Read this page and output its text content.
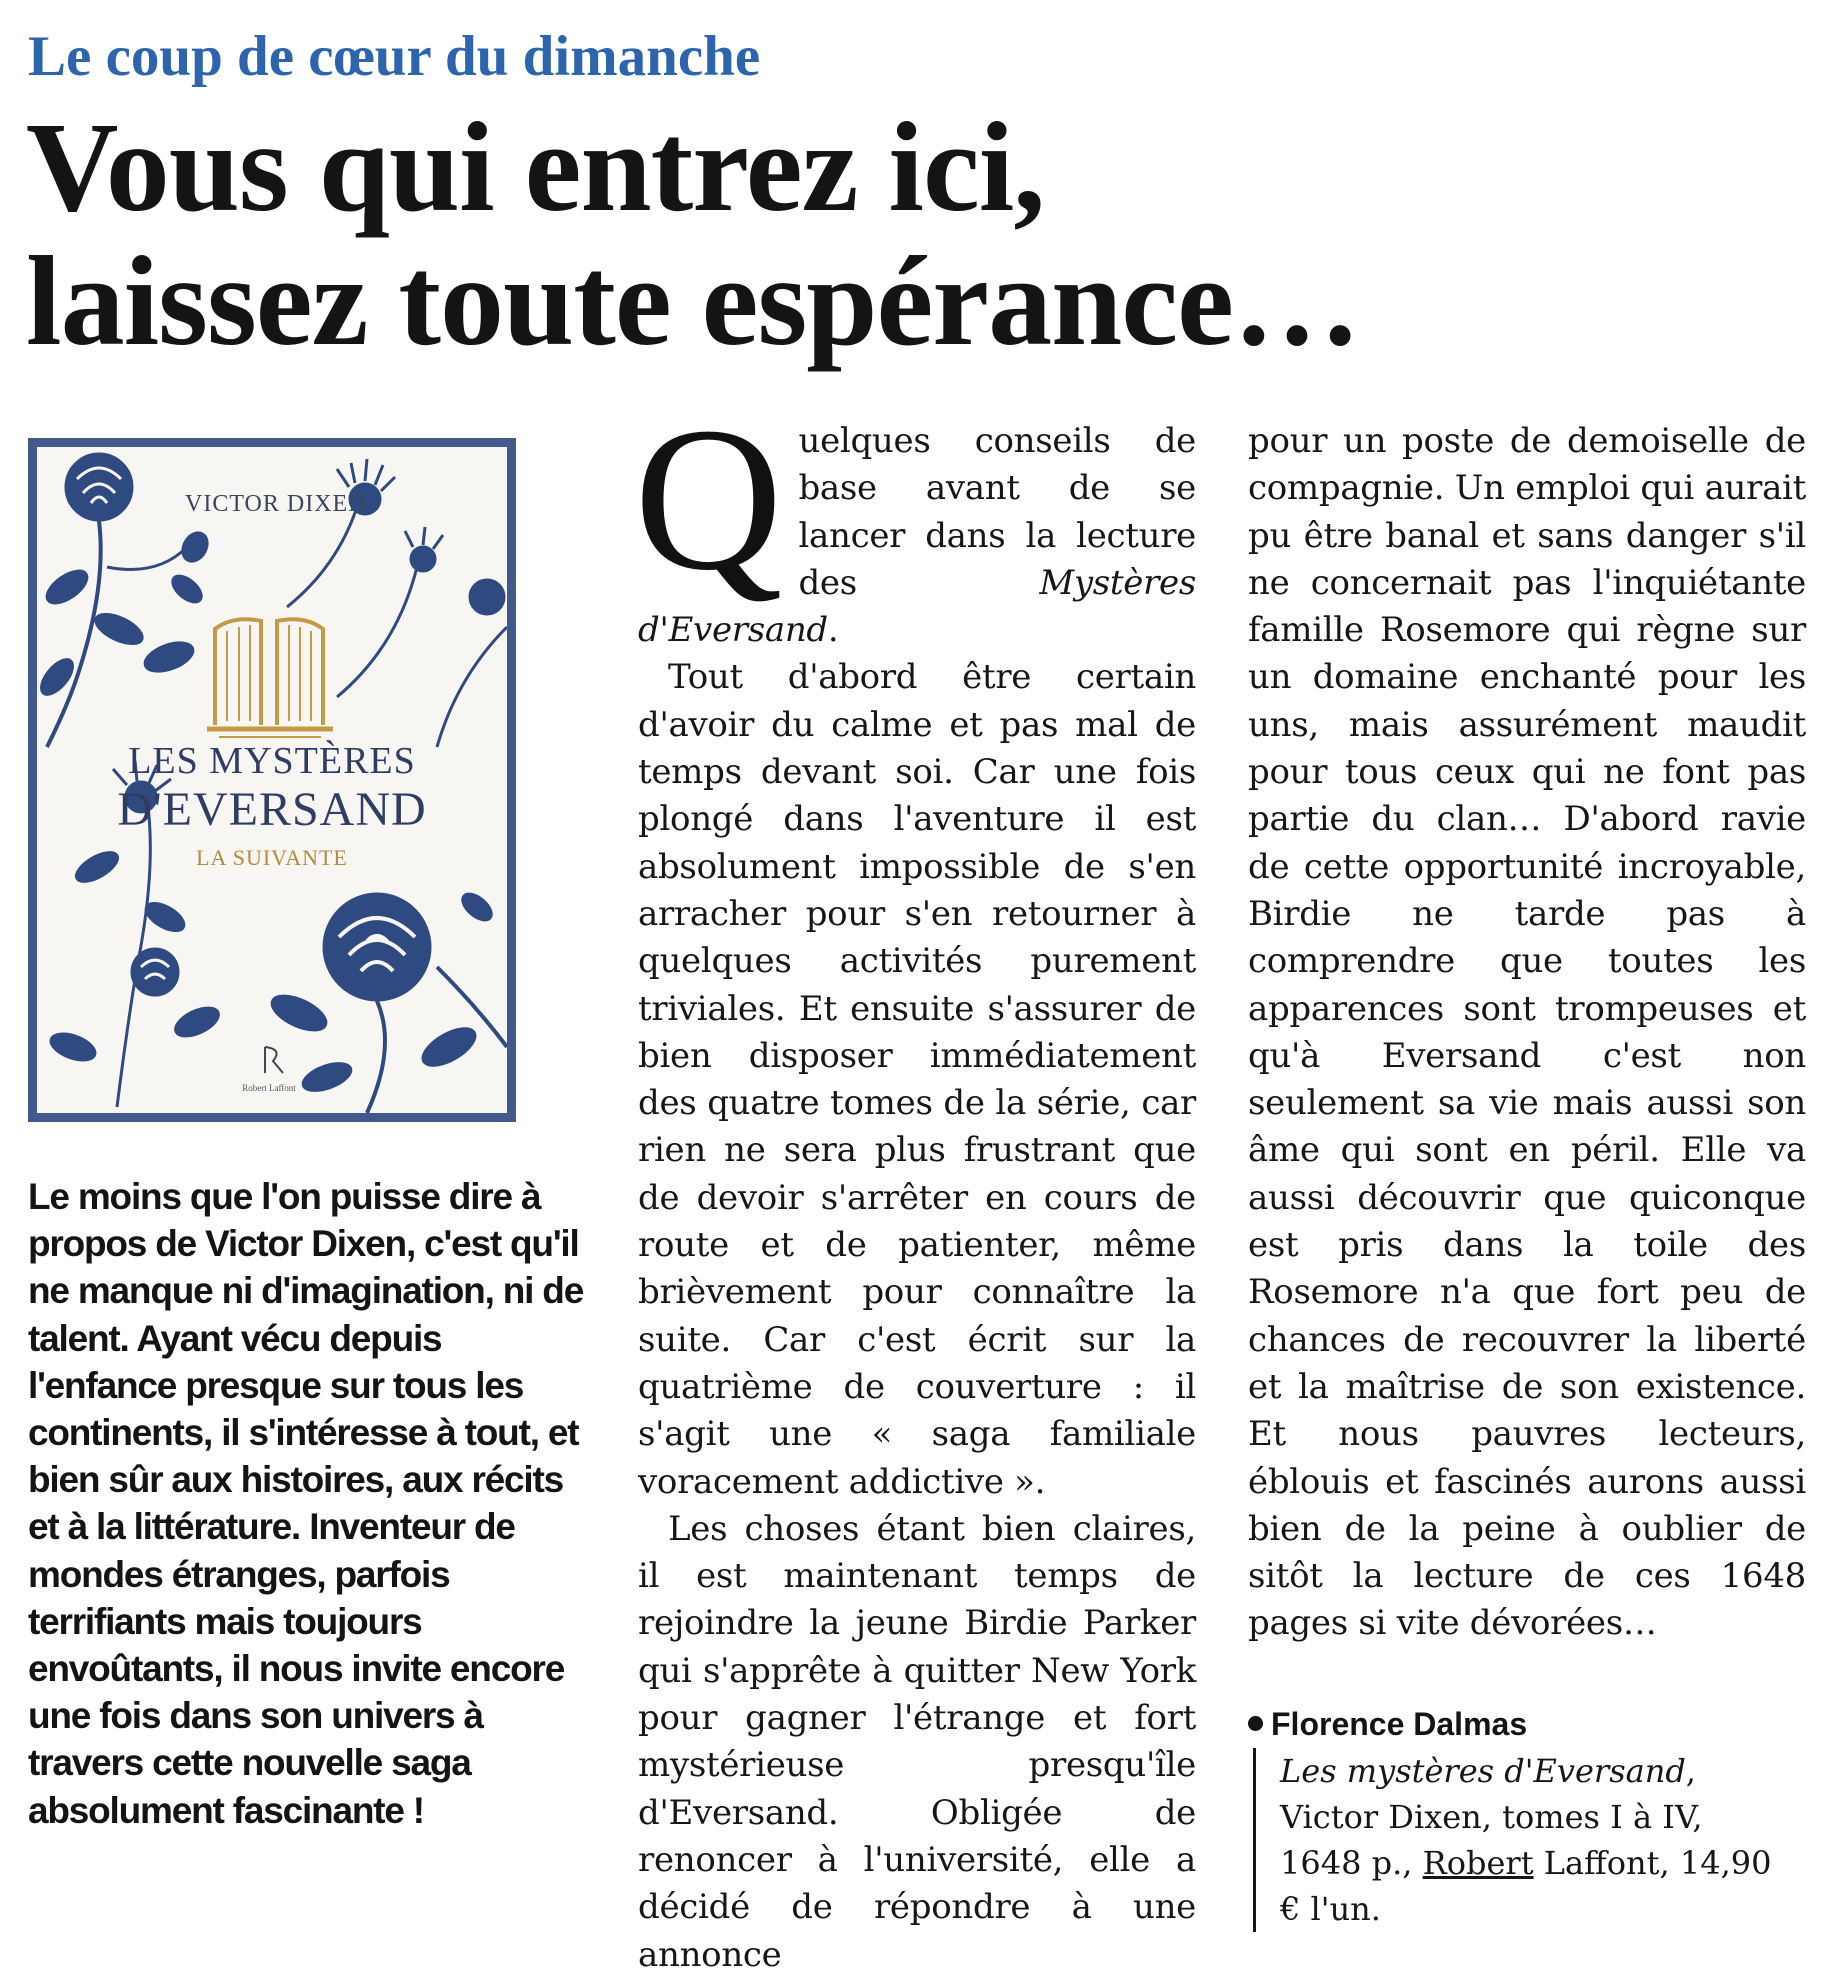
Le coup de cœur du dimanche
Vous qui entrez ici,
laissez toute espérance…

VICTOR DIXEN

LES MYSTÈRES
D'EVERSAND

LA SUIVANTE

Robert Laffont

Le moins que l'on puisse dire à propos de Victor Dixen, c'est qu'il ne manque ni d'imagination, ni de talent. Ayant vécu depuis l'enfance presque sur tous les continents, il s'intéresse à tout, et bien sûr aux histoires, aux récits et à la littérature. Inventeur de mondes étranges, parfois terrifiants mais toujours envoûtants, il nous invite encore une fois dans son univers à travers cette nouvelle saga absolument fascinante !

Quelques conseils de base avant de se lancer dans la lecture des Mystères d'Eversand.

Tout d'abord être certain d'avoir du calme et pas mal de temps devant soi. Car une fois plongé dans l'aventure il est absolument impossible de s'en arracher pour s'en retourner à quelques activités purement triviales. Et ensuite s'assurer de bien disposer immédiatement des quatre tomes de la série, car rien ne sera plus frustrant que de devoir s'arrêter en cours de route et de patienter, même brièvement pour connaître la suite. Car c'est écrit sur la quatrième de couverture : il s'agit une « saga familiale voracement addictive ».

Les choses étant bien claires, il est maintenant temps de rejoindre la jeune Birdie Parker qui s'apprête à quitter New York pour gagner l'étrange et fort mystérieuse presqu'île d'Eversand. Obligée de renoncer à l'université, elle a décidé de répondre à une annonce

pour un poste de demoiselle de compagnie. Un emploi qui aurait pu être banal et sans danger s'il ne concernait pas l'inquiétante famille Rosemore qui règne sur un domaine enchanté pour les uns, mais assurément maudit pour tous ceux qui ne font pas partie du clan… D'abord ravie de cette opportunité incroyable, Birdie ne tarde pas à comprendre que toutes les apparences sont trompeuses et qu'à Eversand c'est non seulement sa vie mais aussi son âme qui sont en péril. Elle va aussi découvrir que quiconque est pris dans la toile des Rosemore n'a que fort peu de chances de recouvrer la liberté et la maîtrise de son existence. Et nous pauvres lecteurs, éblouis et fascinés aurons aussi bien de la peine à oublier de sitôt la lecture de ces 1648 pages si vite dévorées…

Florence Dalmas

Les mystères d'Eversand, Victor Dixen, tomes I à IV, 1648 p., Robert Laffont, 14,90 € l'un.
